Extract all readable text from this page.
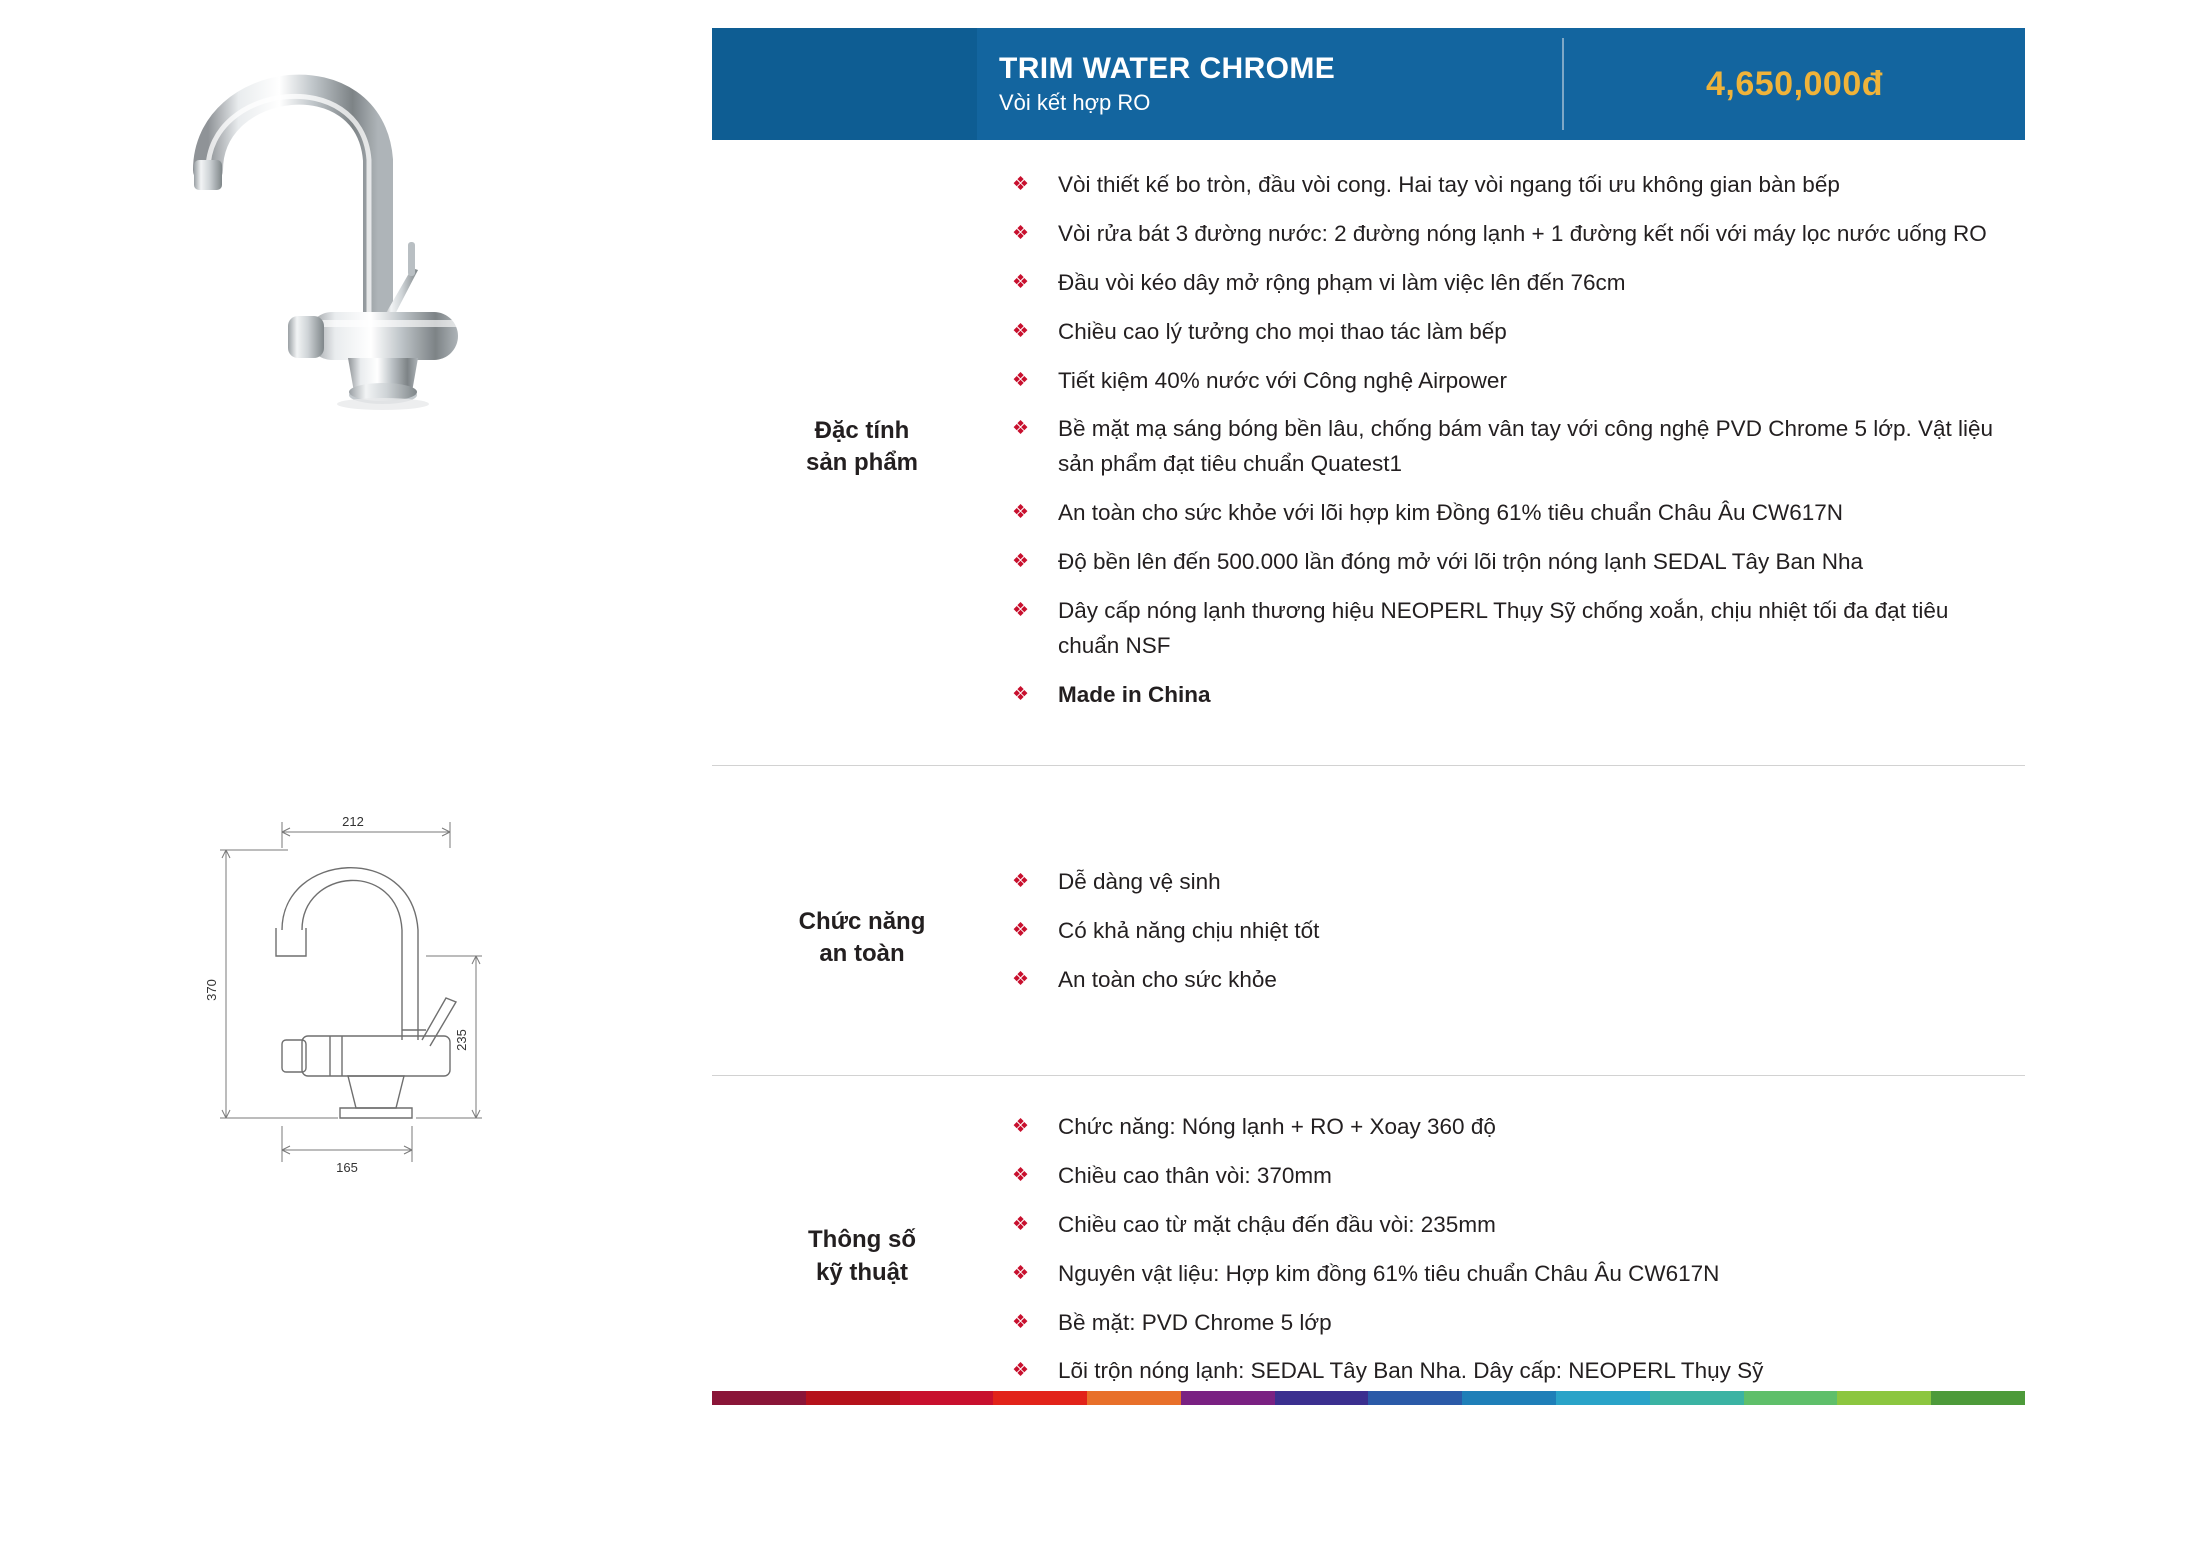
212
370
235
165
TRIM WATER CHROME
Vòi kết hợp RO
4,650,000đ
Đặc tính
sản phẩm
❖	Vòi thiết kế bo tròn, đầu vòi cong. Hai tay vòi ngang tối ưu không gian bàn bếp
❖	Vòi rửa bát 3 đường nước: 2 đường nóng lạnh + 1 đường kết nối với máy lọc nước uống RO
❖	Đầu vòi kéo dây mở rộng phạm vi làm việc lên đến 76cm
❖	Chiều cao lý tưởng cho mọi thao tác làm bếp
❖	Tiết kiệm 40% nước với Công nghệ Airpower
❖	Bề mặt mạ sáng bóng bền lâu, chống bám vân tay với công nghệ PVD Chrome 5 lớp. Vật liệu sản phẩm đạt tiêu chuẩn Quatest1
❖	An toàn cho sức khỏe với lõi hợp kim Đồng 61% tiêu chuẩn Châu Âu CW617N
❖	Độ bền lên đến 500.000 lần đóng mở với lõi trộn nóng lạnh SEDAL Tây Ban Nha
❖	Dây cấp nóng lạnh thương hiệu NEOPERL Thụy Sỹ chống xoắn, chịu nhiệt tối đa đạt tiêu chuẩn NSF
❖	Made in China
Chức năng
an toàn
❖	Dễ dàng vệ sinh
❖	Có khả năng chịu nhiệt tốt
❖	An toàn cho sức khỏe
Thông số
kỹ thuật
❖	Chức năng: Nóng lạnh + RO + Xoay 360 độ
❖	Chiều cao thân vòi: 370mm
❖	Chiều cao từ mặt chậu đến đầu vòi: 235mm
❖	Nguyên vật liệu: Hợp kim đồng 61% tiêu chuẩn Châu Âu CW617N
❖	Bề mặt: PVD Chrome 5 lớp
❖	Lõi trộn nóng lạnh: SEDAL Tây Ban Nha. Dây cấp: NEOPERL Thụy Sỹ
